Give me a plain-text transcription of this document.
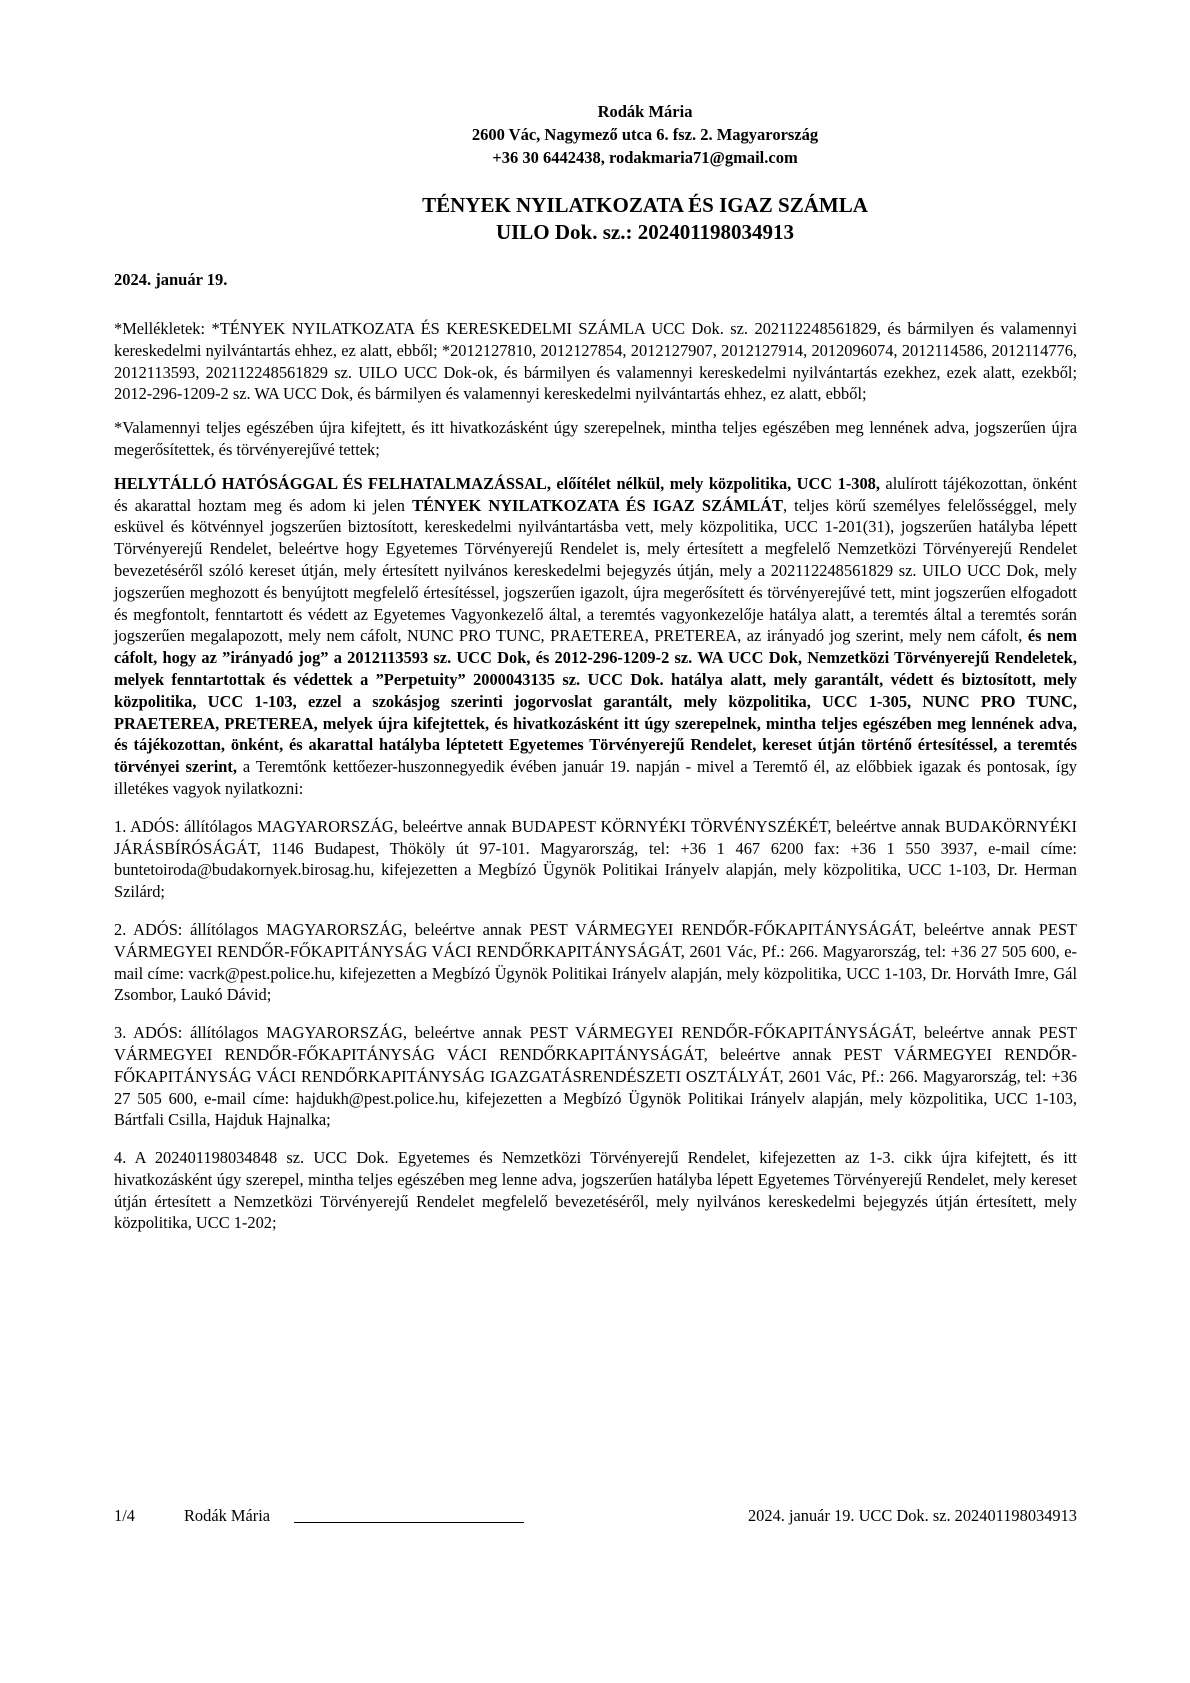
Rodák Mária
2600 Vác, Nagymező utca 6. fsz. 2. Magyarország
+36 30 6442438, rodakmaria71@gmail.com
TÉNYEK NYILATKOZATA ÉS IGAZ SZÁMLA
UILO Dok. sz.: 202401198034913
2024. január 19.

*Mellékletek: *TÉNYEK NYILATKOZATA ÉS KERESKEDELMI SZÁMLA UCC Dok. sz. 202112248561829, és bármilyen és valamennyi kereskedelmi nyilvántartás ehhez, ez alatt, ebből; *2012127810, 2012127854, 2012127907, 2012127914, 2012096074, 2012114586, 2012114776, 2012113593, 202112248561829 sz. UILO UCC Dok-ok, és bármilyen és valamennyi kereskedelmi nyilvántartás ezekhez, ezek alatt, ezekből; 2012-296-1209-2 sz. WA UCC Dok, és bármilyen és valamennyi kereskedelmi nyilvántartás ehhez, ez alatt, ebből;

*Valamennyi teljes egészében újra kifejtett, és itt hivatkozásként úgy szerepelnek, mintha teljes egészében meg lennének adva, jogszerűen újra megerősítettek, és törvényerejűvé tettek;

HELYTÁLLÓ HATÓSÁGGAL ÉS FELHATALMAZÁSSAL, előítélet nélkül, mely közpolitika, UCC 1-308, alulírott tájékozottan, önként és akarattal hoztam meg és adom ki jelen TÉNYEK NYILATKOZATA ÉS IGAZ SZÁMLÁT, teljes körű személyes felelősséggel, mely esküvel és kötvénnyel jogszerűen biztosított, kereskedelmi nyilvántartásba vett, mely közpolitika, UCC 1-201(31), jogszerűen hatályba lépett Törvényerejű Rendelet, beleértve hogy Egyetemes Törvényerejű Rendelet is, mely értesített a megfelelő Nemzetközi Törvényerejű Rendelet bevezetéséről szóló kereset útján, mely értesített nyilvános kereskedelmi bejegyzés útján, mely a 202112248561829 sz. UILO UCC Dok, mely jogszerűen meghozott és benyújtott megfelelő értesítéssel, jogszerűen igazolt, újra megerősített és törvényerejűvé tett, mint jogszerűen elfogadott és megfontolt, fenntartott és védett az Egyetemes Vagyonkezelő által, a teremtés vagyonkezelője hatálya alatt, a teremtés által a teremtés során jogszerűen megalapozott, mely nem cáfolt, NUNC PRO TUNC, PRAETEREA, PRETEREA, az irányadó jog szerint, mely nem cáfolt, és nem cáfolt, hogy az ”irányadó jog” a 2012113593 sz. UCC Dok, és 2012-296-1209-2 sz. WA UCC Dok, Nemzetközi Törvényerejű Rendeletek, melyek fenntartottak és védettek a ”Perpetuity” 2000043135 sz. UCC Dok. hatálya alatt, mely garantált, védett és biztosított, mely közpolitika, UCC 1-103, ezzel a szokásjog szerinti jogorvoslat garantált, mely közpolitika, UCC 1-305, NUNC PRO TUNC, PRAETEREA, PRETEREA, melyek újra kifejtettek, és hivatkozásként itt úgy szerepelnek, mintha teljes egészében meg lennének adva, és tájékozottan, önként, és akarattal hatályba léptetett Egyetemes Törvényerejű Rendelet, kereset útján történő értesítéssel, a teremtés törvényei szerint, a Teremtőnk kettőezer-huszonnegyedik évében január 19. napján - mivel a Teremtő él, az előbbiek igazak és pontosak, így illetékes vagyok nyilatkozni:

1. ADÓS: állítólagos MAGYARORSZÁG, beleértve annak BUDAPEST KÖRNYÉKI TÖRVÉNYSZÉKÉT, beleértve annak BUDAKÖRNYÉKI JÁRÁSBÍRÓSÁGÁT, 1146 Budapest, Thököly út 97-101. Magyarország, tel: +36 1 467 6200 fax: +36 1 550 3937, e-mail címe: buntetoiroda@budakornyek.birosag.hu, kifejezetten a Megbízó Ügynök Politikai Irányelv alapján, mely közpolitika, UCC 1-103, Dr. Herman Szilárd;

2. ADÓS: állítólagos MAGYARORSZÁG, beleértve annak PEST VÁRMEGYEI RENDŐR-FŐKAPITÁNYSÁGÁT, beleértve annak PEST VÁRMEGYEI RENDŐR-FŐKAPITÁNYSÁG VÁCI RENDŐRKAPITÁNYSÁGÁT, 2601 Vác, Pf.: 266. Magyarország, tel: +36 27 505 600, e-mail címe: vacrk@pest.police.hu, kifejezetten a Megbízó Ügynök Politikai Irányelv alapján, mely közpolitika, UCC 1-103, Dr. Horváth Imre, Gál Zsombor, Laukó Dávid;

3. ADÓS: állítólagos MAGYARORSZÁG, beleértve annak PEST VÁRMEGYEI RENDŐR-FŐKAPITÁNYSÁGÁT, beleértve annak PEST VÁRMEGYEI RENDŐR-FŐKAPITÁNYSÁG VÁCI RENDŐRKAPITÁNYSÁGÁT, beleértve annak PEST VÁRMEGYEI RENDŐR-FŐKAPITÁNYSÁG VÁCI RENDŐRKAPITÁNYSÁG IGAZGATÁSRENDÉSZETI OSZTÁLYÁT, 2601 Vác, Pf.: 266. Magyarország, tel: +36 27 505 600, e-mail címe: hajdukh@pest.police.hu, kifejezetten a Megbízó Ügynök Politikai Irányelv alapján, mely közpolitika, UCC 1-103, Bártfali Csilla, Hajduk Hajnalka;

4. A 202401198034848 sz. UCC Dok. Egyetemes és Nemzetközi Törvényerejű Rendelet, kifejezetten az 1-3. cikk újra kifejtett, és itt hivatkozásként úgy szerepel, mintha teljes egészében meg lenne adva, jogszerűen hatályba lépett Egyetemes Törvényerejű Rendelet, mely kereset útján értesített a Nemzetközi Törvényerejű Rendelet megfelelő bevezetéséről, mely nyilvános kereskedelmi bejegyzés útján értesített, mely közpolitika, UCC 1-202;

1/4	Rodák Mária	2024. január 19. UCC Dok. sz. 202401198034913
